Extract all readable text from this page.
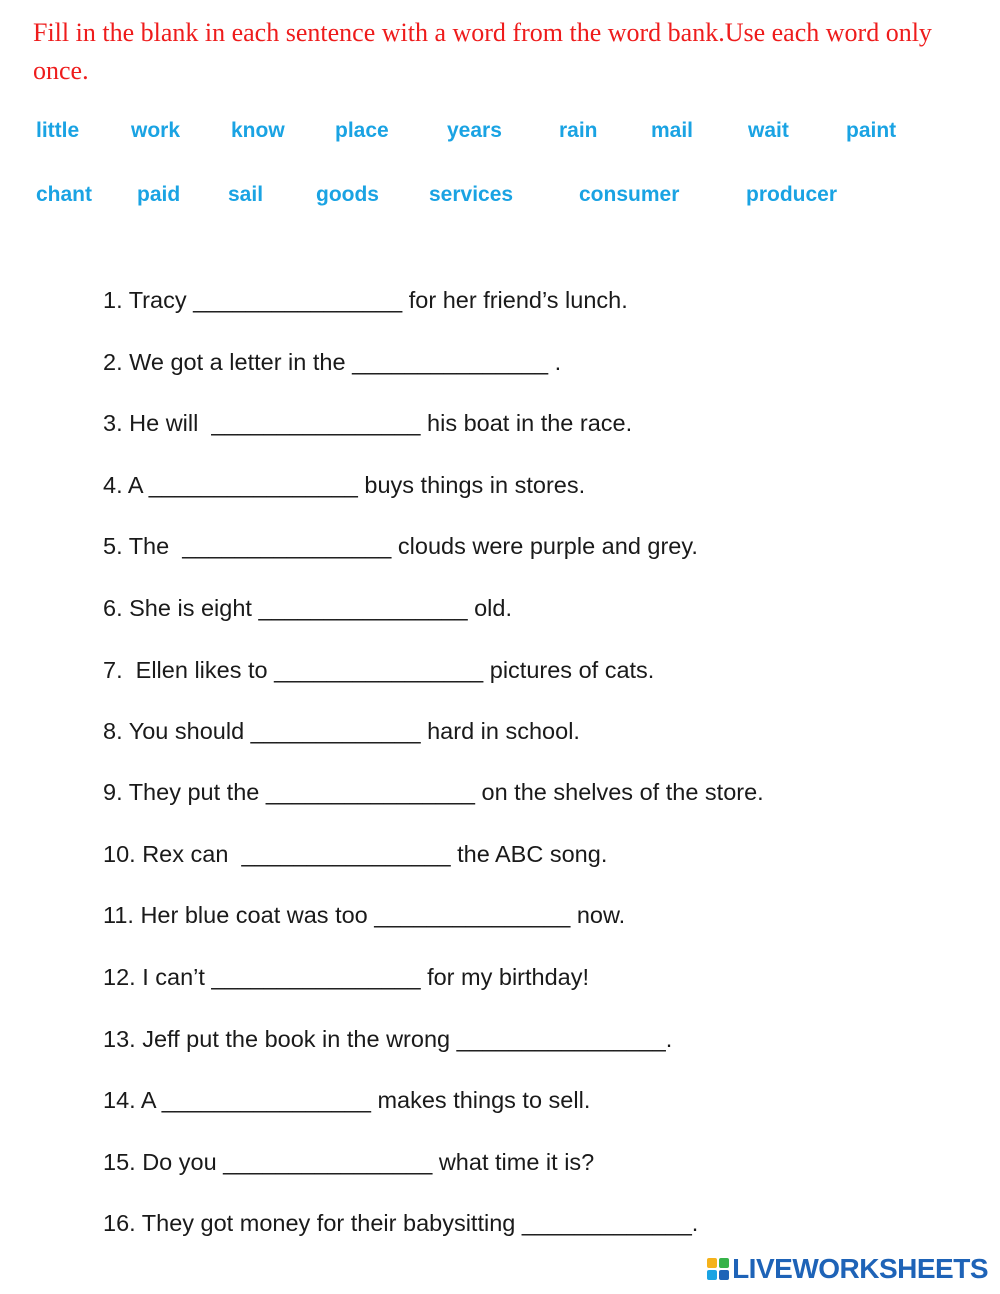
Fill in the blank in each sentence with a word from the word bank.Use each word only once.

little work know place	years	rain	mail	wait	paint
chant paid sail	goods services	consumer	producer

1. Tracy ________________ for her friend’s lunch.

2. We got a letter in the _______________ .

3. He will  ________________ his boat in the race.

4. A ________________ buys things in stores.

5. The  ________________ clouds were purple and grey.

6. She is eight ________________ old.

7.  Ellen likes to ________________ pictures of cats.

8. You should _____________ hard in school.

9. They put the ________________ on the shelves of the store.

10. Rex can  ________________ the ABC song.

11. Her blue coat was too _______________ now.

12. I can’t ________________ for my birthday!

13. Jeff put the book in the wrong ________________.

14. A ________________ makes things to sell.

15. Do you ________________ what time it is?

16. They got money for their babysitting _____________.

LIVEWORKSHEETS
